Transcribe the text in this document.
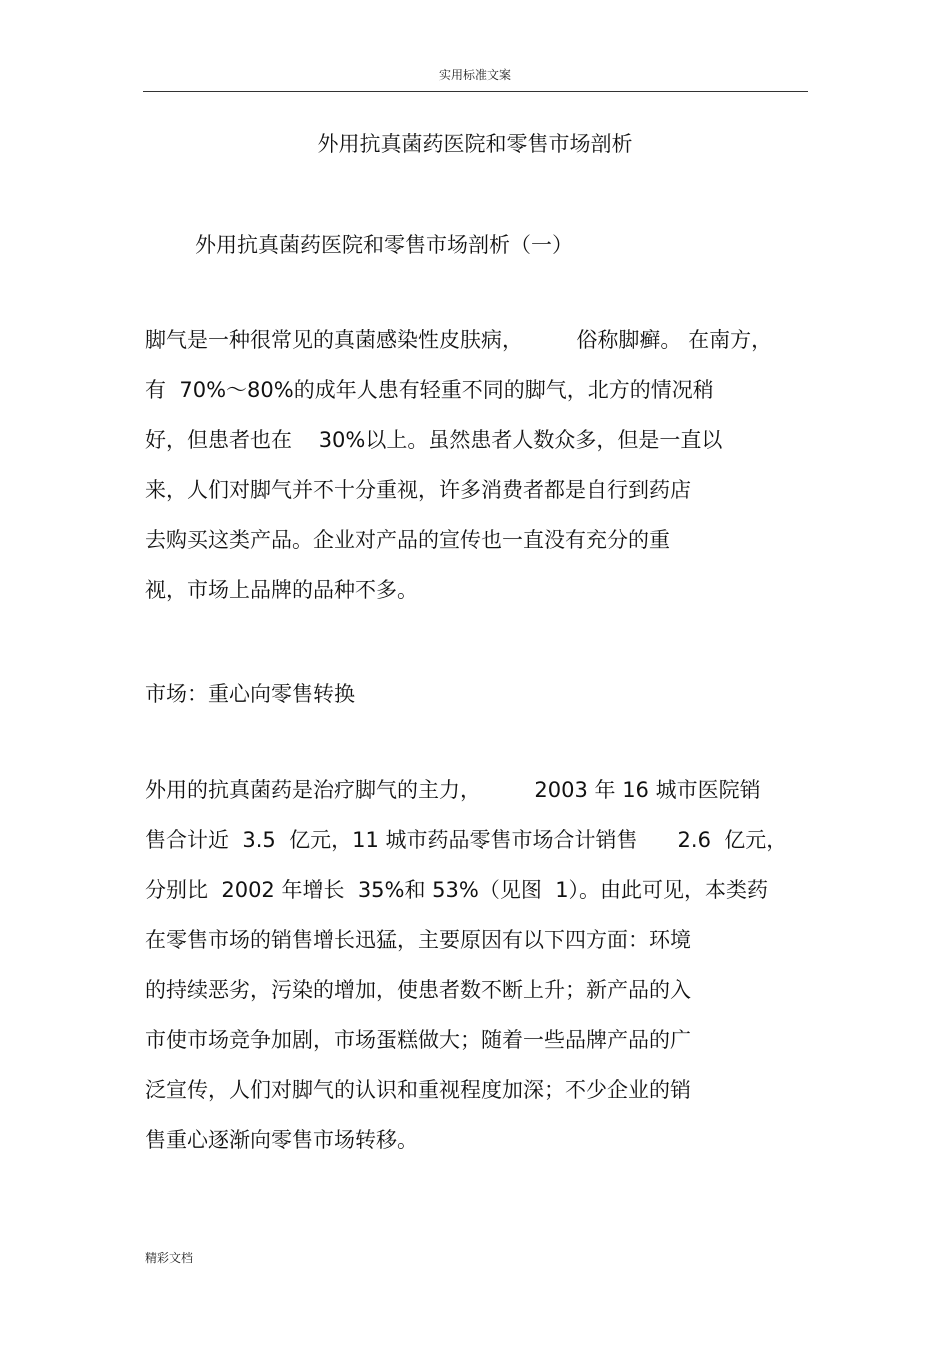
实用标准文案
外用抗真菌药医院和零售市场剖析
外用抗真菌药医院和零售市场剖析（一）
脚气是一种很常见的真菌感染性皮肤病，        俗称脚癣。 在南方，
有  70%～80%的成年人患有轻重不同的脚气，北方的情况稍
好，但患者也在    30%以上。虽然患者人数众多，但是一直以
来，人们对脚气并不十分重视，许多消费者都是自行到药店
去购买这类产品。企业对产品的宣传也一直没有充分的重
视，市场上品牌的品种不多。
市场：重心向零售转换
外用的抗真菌药是治疗脚气的主力，        2003 年 16 城市医院销
售合计近  3.5  亿元，11 城市药品零售市场合计销售      2.6  亿元，
分别比  2002 年增长  35%和 53%（见图  1）。由此可见，本类药
在零售市场的销售增长迅猛，主要原因有以下四方面：环境
的持续恶劣，污染的增加，使患者数不断上升；新产品的入
市使市场竞争加剧，市场蛋糕做大；随着一些品牌产品的广
泛宣传，人们对脚气的认识和重视程度加深；不少企业的销
售重心逐渐向零售市场转移。
精彩文档
